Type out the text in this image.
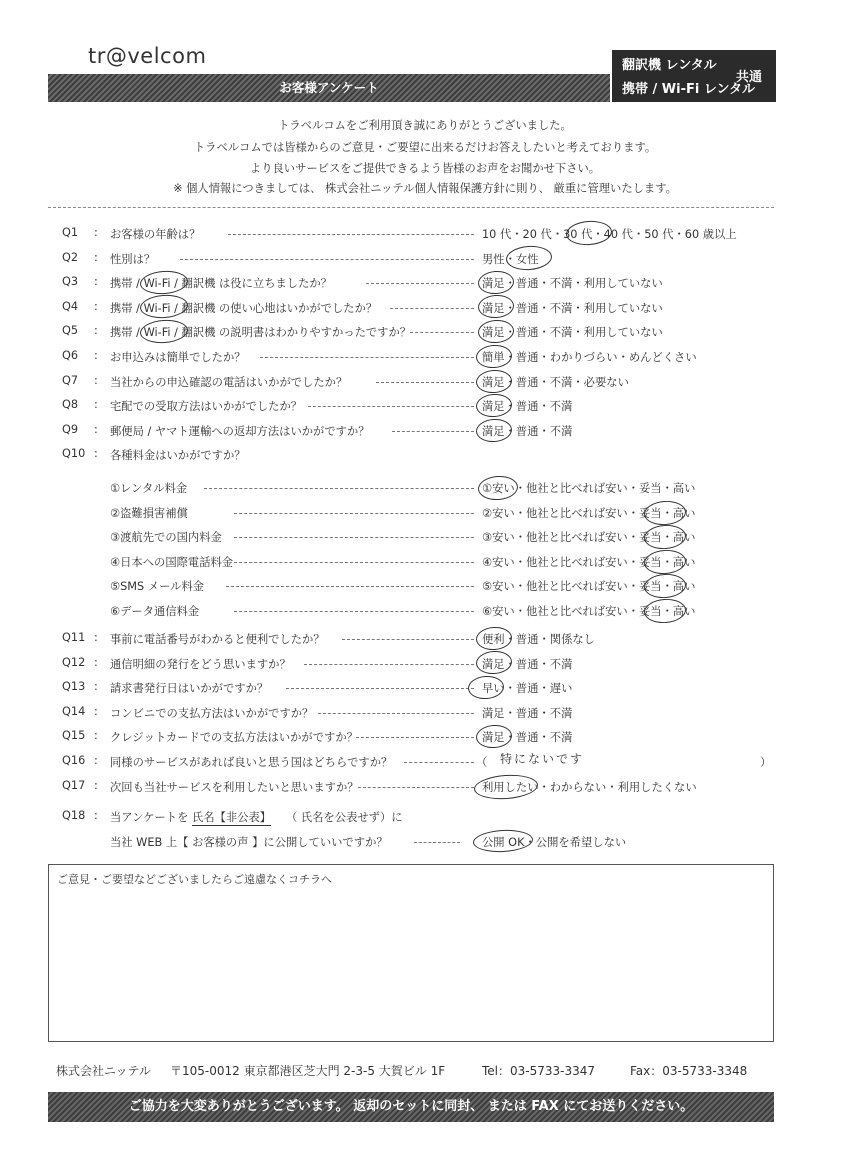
tr@velcom
お客様アンケート
翻訳機 レンタル
携帯 / Wi-Fi レンタル
共通
トラベルコムをご利用頂き誠にありがとうございました。
トラベルコムでは皆様からのご意見・ご要望に出来るだけお答えしたいと考えております。
より良いサービスをご提供できるよう皆様のお声をお聞かせ下さい。
※ 個人情報につきましては、 株式会社ニッテル個人情報保護方針に則り、 厳重に管理いたします。
Q1 : お客様の年齢は？	10 代・20 代・30 代・40 代・50 代・60 歳以上
Q2 : 性別は？	男性・女性
Q3 : 携帯 / Wi-Fi / 翻訳機 は役に立ちましたか？	満足・普通・不満・利用していない
Q4 : 携帯 / Wi-Fi / 翻訳機 の使い心地はいかがでしたか？	満足・普通・不満・利用していない
Q5 : 携帯 / Wi-Fi / 翻訳機 の説明書はわかりやすかったですか？	満足・普通・不満・利用していない
Q6 : お申込みは簡単でしたか？	簡単・普通・わかりづらい・めんどくさい
Q7 : 当社からの申込確認の電話はいかがでしたか？	満足・普通・不満・必要ない
Q8 : 宅配での受取方法はいかがでしたか？	満足・普通・不満
Q9 : 郵便局 / ヤマト運輸への返却方法はいかがですか？	満足・普通・不満
Q10 : 各種料金はいかがですか？
①レンタル料金	①安い・他社と比べれば安い・妥当・高い
②盗難損害補償	②安い・他社と比べれば安い・妥当・高い
③渡航先での国内料金	③安い・他社と比べれば安い・妥当・高い
④日本への国際電話料金	④安い・他社と比べれば安い・妥当・高い
⑤SMS メール料金	⑤安い・他社と比べれば安い・妥当・高い
⑥データ通信料金	⑥安い・他社と比べれば安い・妥当・高い
Q11 : 事前に電話番号がわかると便利でしたか？	便利・普通・関係なし
Q12 : 通信明細の発行をどう思いますか？	満足・普通・不満
Q13 : 請求書発行日はいかがですか？	早い・普通・遅い
Q14 : コンビニでの支払方法はいかがですか？	満足・普通・不満
Q15 : クレジットカードでの支払方法はいかがですか？	満足・普通・不満
Q16 : 同様のサービスがあれば良いと思う国はどちらですか？	（ 特にないです	）
Q17 : 次回も当社サービスを利用したいと思いますか？	利用したい・わからない・利用したくない
Q18 : 当アンケートを 氏名【非公表】 （ 氏名を公表せず）に
当社 WEB 上【 お客様の声 】に公開していいですか？	公開 OK・公開を希望しない
ご意見・ご要望などございましたらご遠慮なくコチラへ
株式会社ニッテル 〒105-0012 東京都港区芝大門 2-3-5 大賀ビル 1F	Tel：03-5733-3347	Fax：03-5733-3348
ご協力を大変ありがとうございます。 返却のセットに同封、 または FAX にてお送りください。
